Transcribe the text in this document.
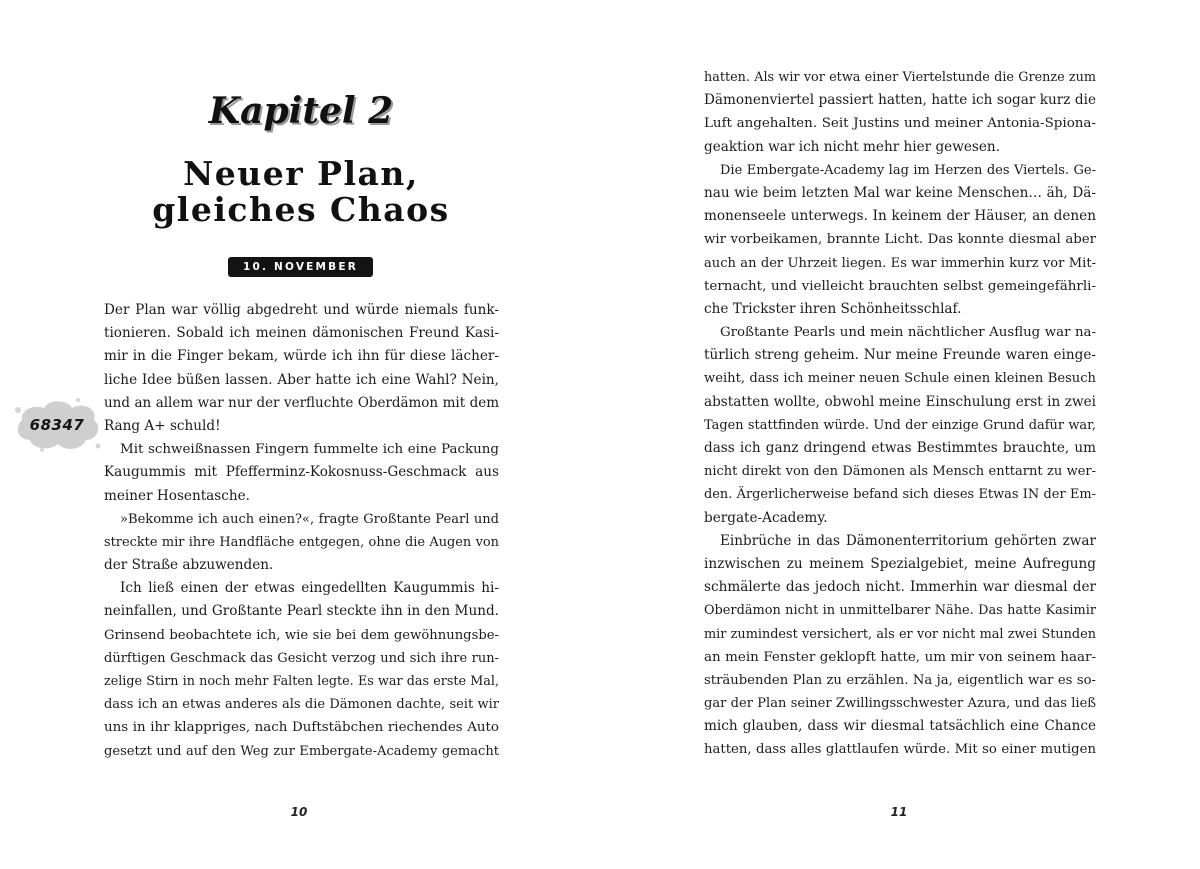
Kapitel 2
Neuer Plan,
gleiches Chaos
10. NOVEMBER
68347
Der Plan war völlig abgedreht und würde niemals funk-
tionieren. Sobald ich meinen dämonischen Freund Kasi-
mir in die Finger bekam, würde ich ihn für diese lächer-
liche Idee büßen lassen. Aber hatte ich eine Wahl? Nein,
und an allem war nur der verfluchte Oberdämon mit dem
Rang A+ schuld!
Mit schweißnassen Fingern fummelte ich eine Packung
Kaugummis mit Pfefferminz-Kokosnuss-Geschmack aus
meiner Hosentasche.
»Bekomme ich auch einen?«, fragte Großtante Pearl und
streckte mir ihre Handfläche entgegen, ohne die Augen von
der Straße abzuwenden.
Ich ließ einen der etwas eingedellten Kaugummis hi-
neinfallen, und Großtante Pearl steckte ihn in den Mund.
Grinsend beobachtete ich, wie sie bei dem gewöhnungsbe-
dürftigen Geschmack das Gesicht verzog und sich ihre run-
zelige Stirn in noch mehr Falten legte. Es war das erste Mal,
dass ich an etwas anderes als die Dämonen dachte, seit wir
uns in ihr klappriges, nach Duftstäbchen riechendes Auto
gesetzt und auf den Weg zur Embergate-Academy gemacht

10

hatten. Als wir vor etwa einer Viertelstunde die Grenze zum
Dämonenviertel passiert hatten, hatte ich sogar kurz die
Luft angehalten. Seit Justins und meiner Antonia-Spiona-
geaktion war ich nicht mehr hier gewesen.
Die Embergate-Academy lag im Herzen des Viertels. Ge-
nau wie beim letzten Mal war keine Menschen… äh, Dä-
monenseele unterwegs. In keinem der Häuser, an denen
wir vorbeikamen, brannte Licht. Das konnte diesmal aber
auch an der Uhrzeit liegen. Es war immerhin kurz vor Mit-
ternacht, und vielleicht brauchten selbst gemeingefährli-
che Trickster ihren Schönheitsschlaf.
Großtante Pearls und mein nächtlicher Ausflug war na-
türlich streng geheim. Nur meine Freunde waren einge-
weiht, dass ich meiner neuen Schule einen kleinen Besuch
abstatten wollte, obwohl meine Einschulung erst in zwei
Tagen stattfinden würde. Und der einzige Grund dafür war,
dass ich ganz dringend etwas Bestimmtes brauchte, um
nicht direkt von den Dämonen als Mensch enttarnt zu wer-
den. Ärgerlicherweise befand sich dieses Etwas IN der Em-
bergate-Academy.
Einbrüche in das Dämonenterritorium gehörten zwar
inzwischen zu meinem Spezialgebiet, meine Aufregung
schmälerte das jedoch nicht. Immerhin war diesmal der
Oberdämon nicht in unmittelbarer Nähe. Das hatte Kasimir
mir zumindest versichert, als er vor nicht mal zwei Stunden
an mein Fenster geklopft hatte, um mir von seinem haar-
sträubenden Plan zu erzählen. Na ja, eigentlich war es so-
gar der Plan seiner Zwillingsschwester Azura, und das ließ
mich glauben, dass wir diesmal tatsächlich eine Chance
hatten, dass alles glattlaufen würde. Mit so einer mutigen

11
